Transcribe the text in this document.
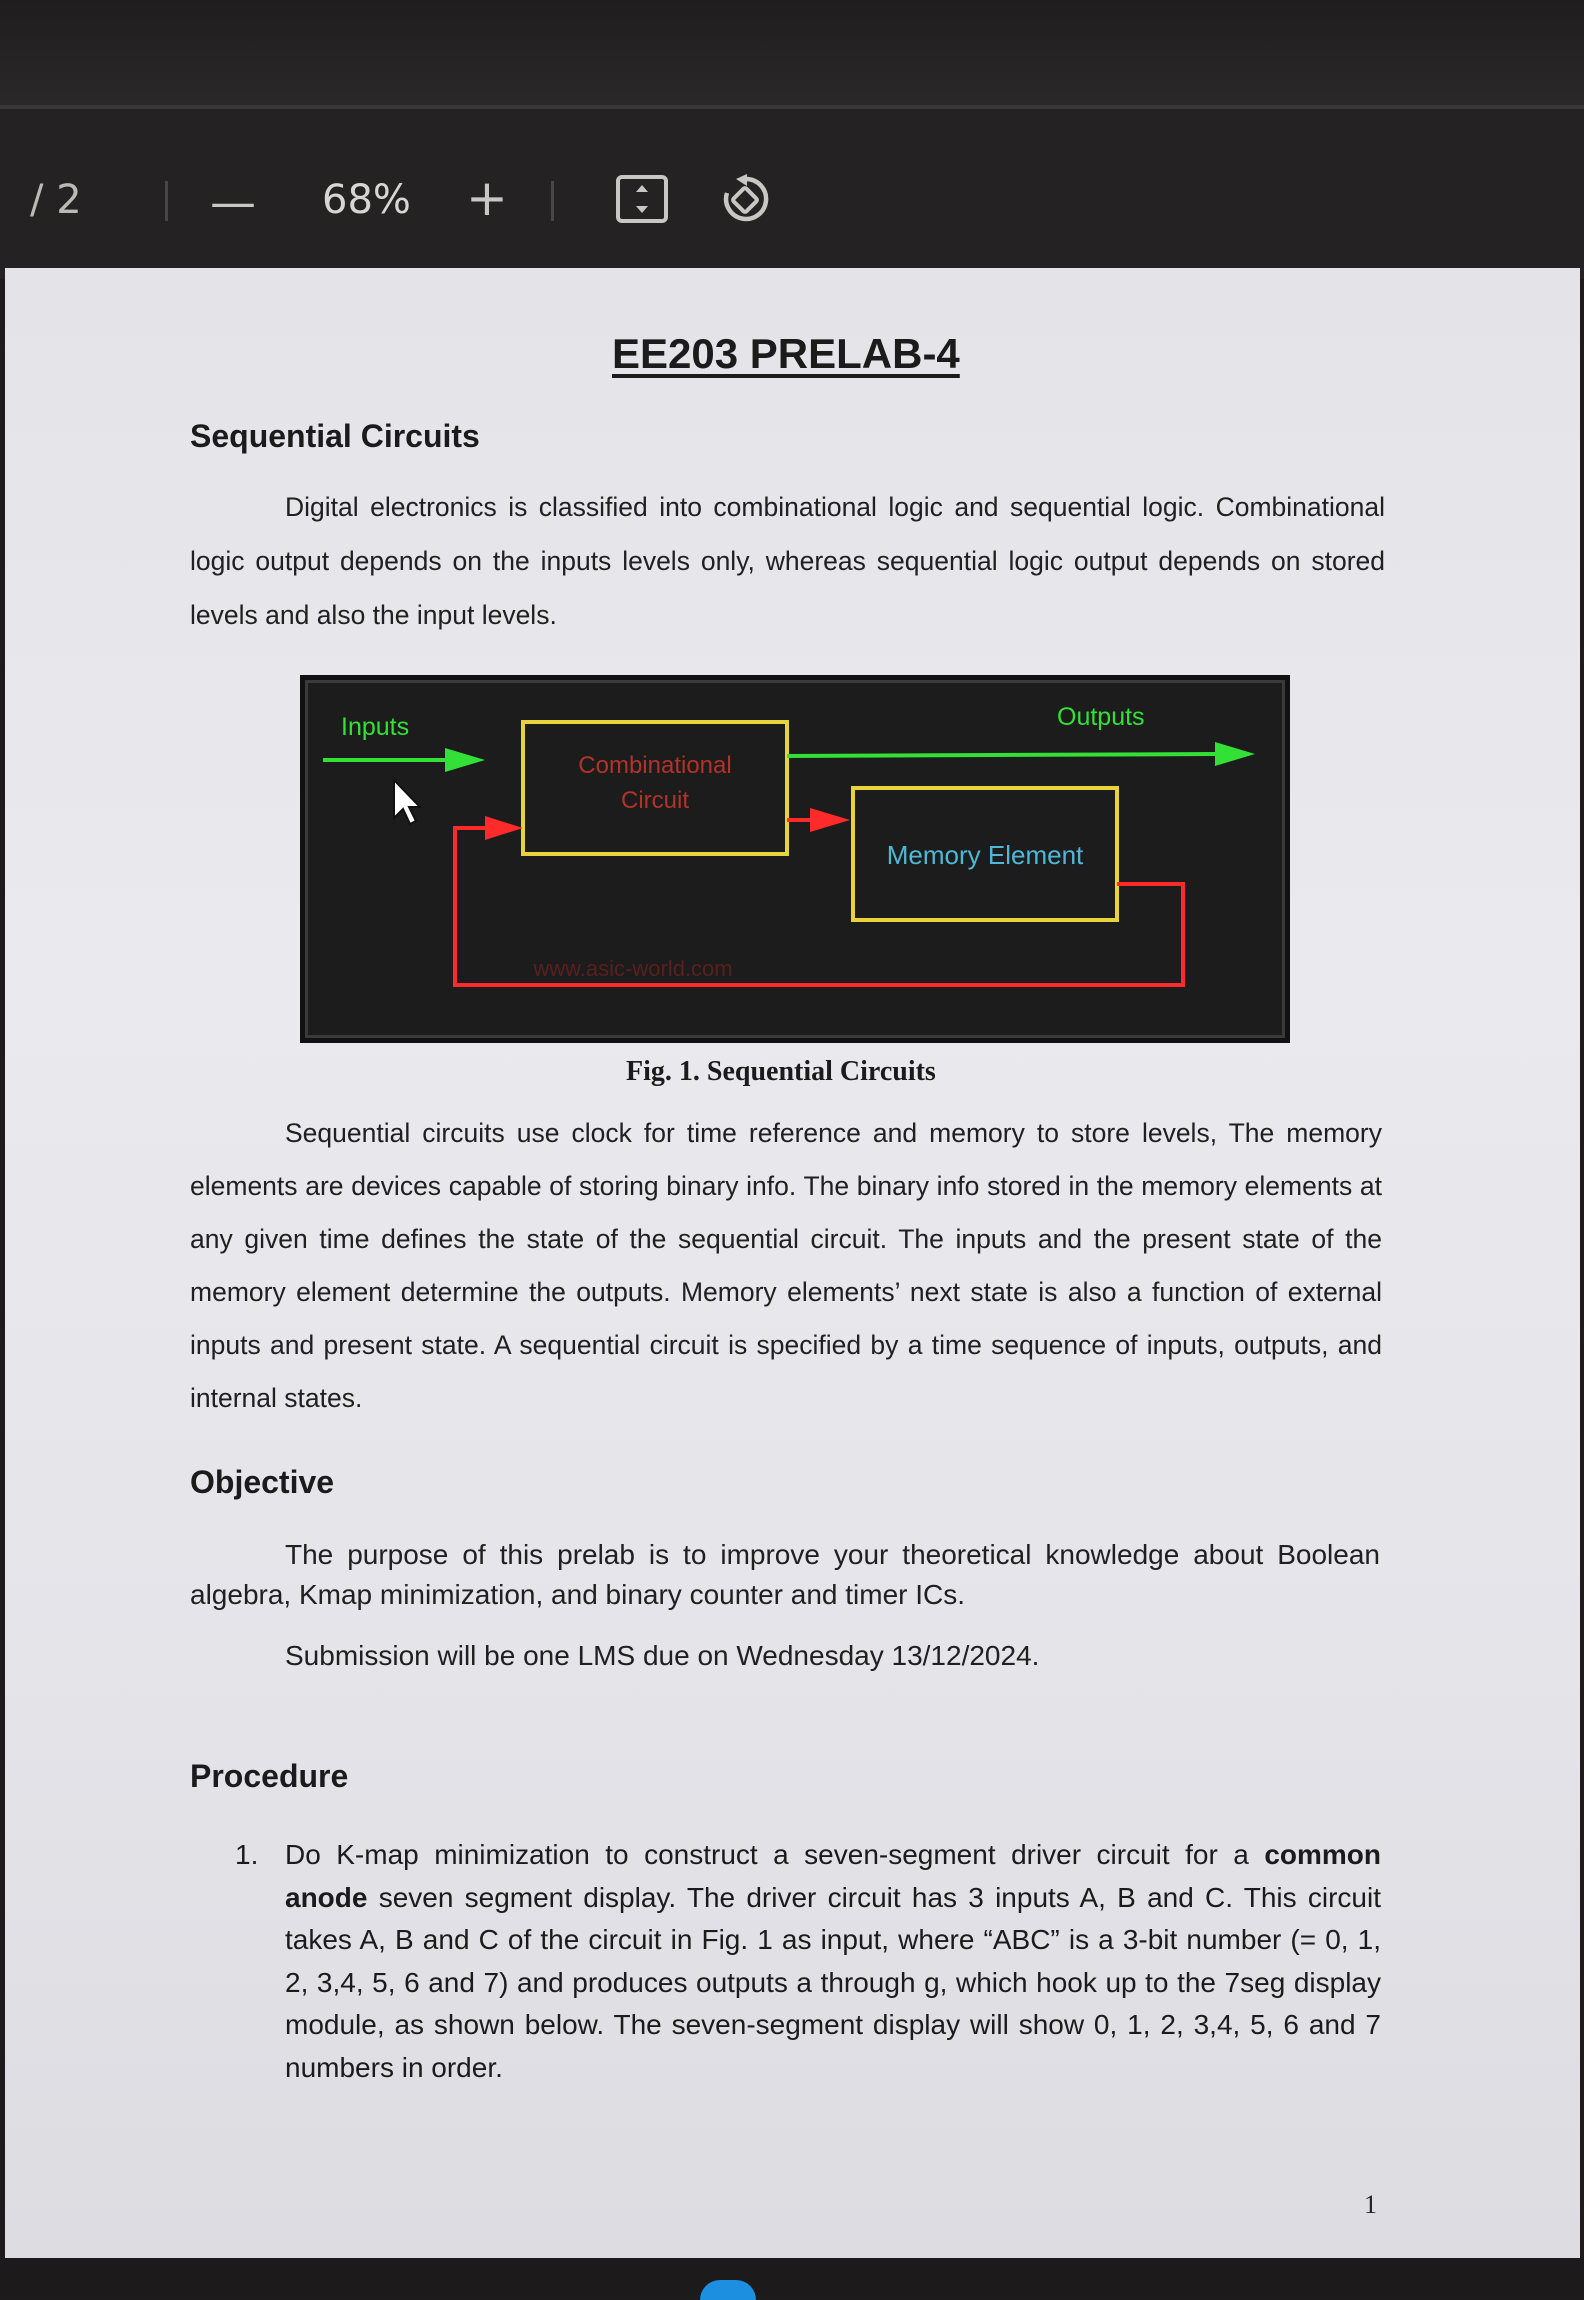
/ 2	— 68% +
EE203 PRELAB-4
Sequential Circuits
Digital electronics is classified into combinational logic and sequential logic. Combinational logic output depends on the inputs levels only, whereas sequential logic output depends on stored levels and also the input levels.
Inputs	Outputs
Combinational
Circuit
Memory Element
www.asic-world.com
Fig. 1. Sequential Circuits
Sequential circuits use clock for time reference and memory to store levels, The memory elements are devices capable of storing binary info. The binary info stored in the memory elements at any given time defines the state of the sequential circuit. The inputs and the present state of the memory element determine the outputs. Memory elements’ next state is also a function of external inputs and present state. A sequential circuit is specified by a time sequence of inputs, outputs, and internal states.
Objective
The purpose of this prelab is to improve your theoretical knowledge about Boolean algebra, Kmap minimization, and binary counter and timer ICs.
Submission will be one LMS due on Wednesday 13/12/2024.
Procedure
1. Do K-map minimization to construct a seven-segment driver circuit for a common anode seven segment display. The driver circuit has 3 inputs A, B and C. This circuit takes A, B and C of the circuit in Fig. 1 as input, where “ABC” is a 3-bit number (= 0, 1, 2, 3,4, 5, 6 and 7) and produces outputs a through g, which hook up to the 7seg display module, as shown below. The seven-segment display will show 0, 1, 2, 3,4, 5, 6 and 7 numbers in order.
1
